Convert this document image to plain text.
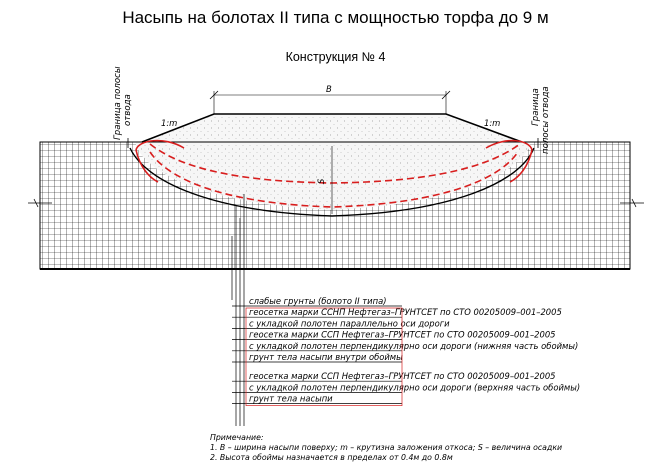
Насыпь на болотах II типа с мощностью торфа до 9 м
Конструкция № 4
S
B
1:m	1:m
Граница полосы отвода	Граница полосы отвода
слабые грунты (болото II типа)
геосетка марки ССНП Нефтегаз–ГРУНТСЕТ по СТО 00205009–001–2005
с укладкой полотен параллельно оси дороги
геосетка марки ССП Нефтегаз–ГРУНТСЕТ по СТО 00205009–001–2005
с укладкой полотен перпендикулярно оси дороги (нижняя часть обоймы)
грунт тела насыпи внутри обоймы
геосетка марки ССП Нефтегаз–ГРУНТСЕТ по СТО 00205009–001–2005
с укладкой полотен перпендикулярно оси дороги (верхняя часть обоймы)
грунт тела насыпи
Примечание:
1. B – ширина насыпи поверху; m – крутизна заложения откоса; S – величина осадки
2. Высота обоймы назначается в пределах от 0.4м до 0.8м
